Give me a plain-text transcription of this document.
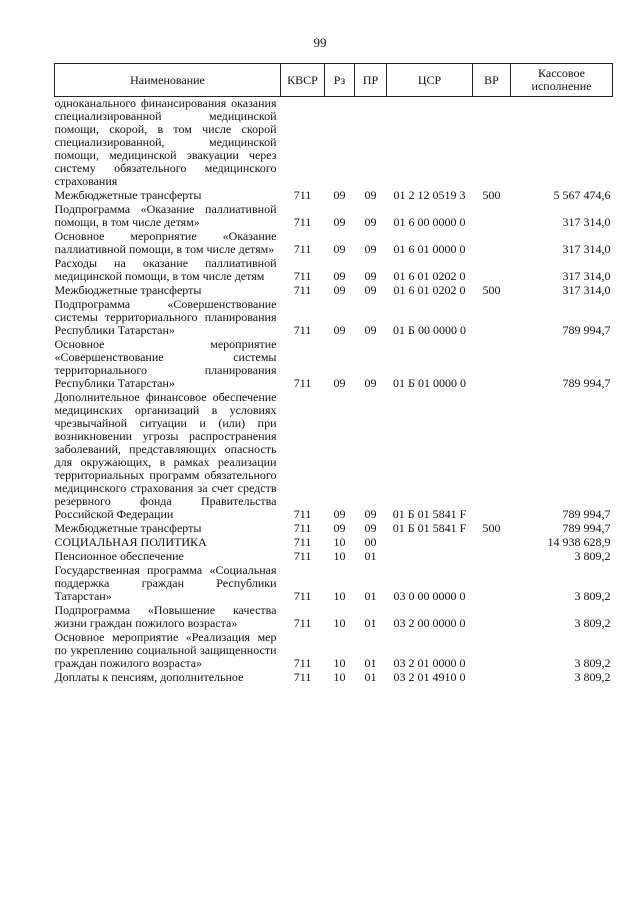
99
Наименование	КВСР	Рз	ПР	ЦСР	ВР	Кассовое исполнение
одноканального финансирования оказания специализированной медицинской помощи, скорой, в том числе скорой специализированной, медицинской помощи, медицинской эвакуации через систему обязательного медицинского страхования						
Межбюджетные трансферты	711	09	09	01 2 12 0519 3	500	5 567 474,6
Подпрограмма «Оказание паллиативной помощи, в том числе детям»	711	09	09	01 6 00 0000 0		317 314,0
Основное мероприятие «Оказание паллиативной помощи, в том числе детям»	711	09	09	01 6 01 0000 0		317 314,0
Расходы на оказание паллиативной медицинской помощи, в том числе детям	711	09	09	01 6 01 0202 0		317 314,0
Межбюджетные трансферты	711	09	09	01 6 01 0202 0	500	317 314,0
Подпрограмма «Совершенствование системы территориального планирования Республики Татарстан»	711	09	09	01 Б 00 0000 0		789 994,7
Основное мероприятие «Совершенствование системы территориального планирования Республики Татарстан»	711	09	09	01 Б 01 0000 0		789 994,7
Дополнительное финансовое обеспечение медицинских организаций в условиях чрезвычайной ситуации и (или) при возникновении угрозы распространения заболеваний, представляющих опасность для окружающих, в рамках реализации территориальных программ обязательного медицинского страхования за счет средств резервного фонда Правительства Российской Федерации	711	09	09	01 Б 01 5841 F		789 994,7
Межбюджетные трансферты	711	09	09	01 Б 01 5841 F	500	789 994,7
СОЦИАЛЬНАЯ ПОЛИТИКА	711	10	00			14 938 628,9
Пенсионное обеспечение	711	10	01			3 809,2
Государственная программа «Социальная поддержка граждан Республики Татарстан»	711	10	01	03 0 00 0000 0		3 809,2
Подпрограмма «Повышение качества жизни граждан пожилого возраста»	711	10	01	03 2 00 0000 0		3 809,2
Основное мероприятие «Реализация мер по укреплению социальной защищенности граждан пожилого возраста»	711	10	01	03 2 01 0000 0		3 809,2
Доплаты к пенсиям, дополнительное	711	10	01	03 2 01 4910 0		3 809,2
